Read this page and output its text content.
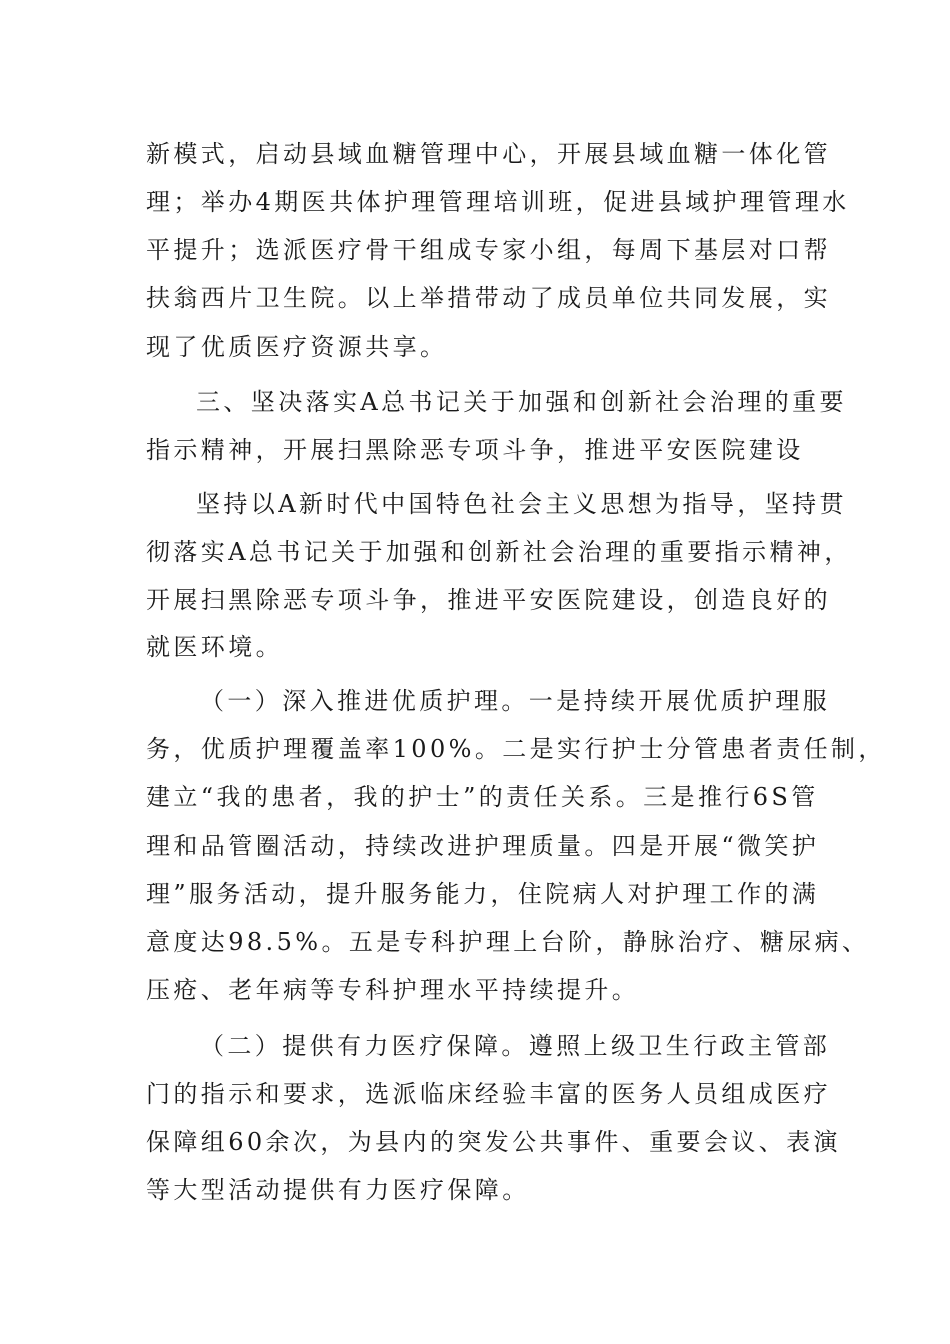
新模式，启动县域血糖管理中心，开展县域血糖一体化管
理；举办4期医共体护理管理培训班，促进县域护理管理水
平提升；选派医疗骨干组成专家小组，每周下基层对口帮
扶翁西片卫生院。以上举措带动了成员单位共同发展，实
现了优质医疗资源共享。
三、坚决落实A总书记关于加强和创新社会治理的重要
指示精神，开展扫黑除恶专项斗争，推进平安医院建设
坚持以A新时代中国特色社会主义思想为指导，坚持贯
彻落实A总书记关于加强和创新社会治理的重要指示精神，
开展扫黑除恶专项斗争，推进平安医院建设，创造良好的
就医环境。
（一）深入推进优质护理。一是持续开展优质护理服
务，优质护理覆盖率100%。二是实行护士分管患者责任制，
建立“我的患者，我的护士”的责任关系。三是推行6S管
理和品管圈活动，持续改进护理质量。四是开展“微笑护
理”服务活动，提升服务能力，住院病人对护理工作的满
意度达98.5%。五是专科护理上台阶，静脉治疗、糖尿病、
压疮、老年病等专科护理水平持续提升。
（二）提供有力医疗保障。遵照上级卫生行政主管部
门的指示和要求，选派临床经验丰富的医务人员组成医疗
保障组60余次，为县内的突发公共事件、重要会议、表演
等大型活动提供有力医疗保障。
